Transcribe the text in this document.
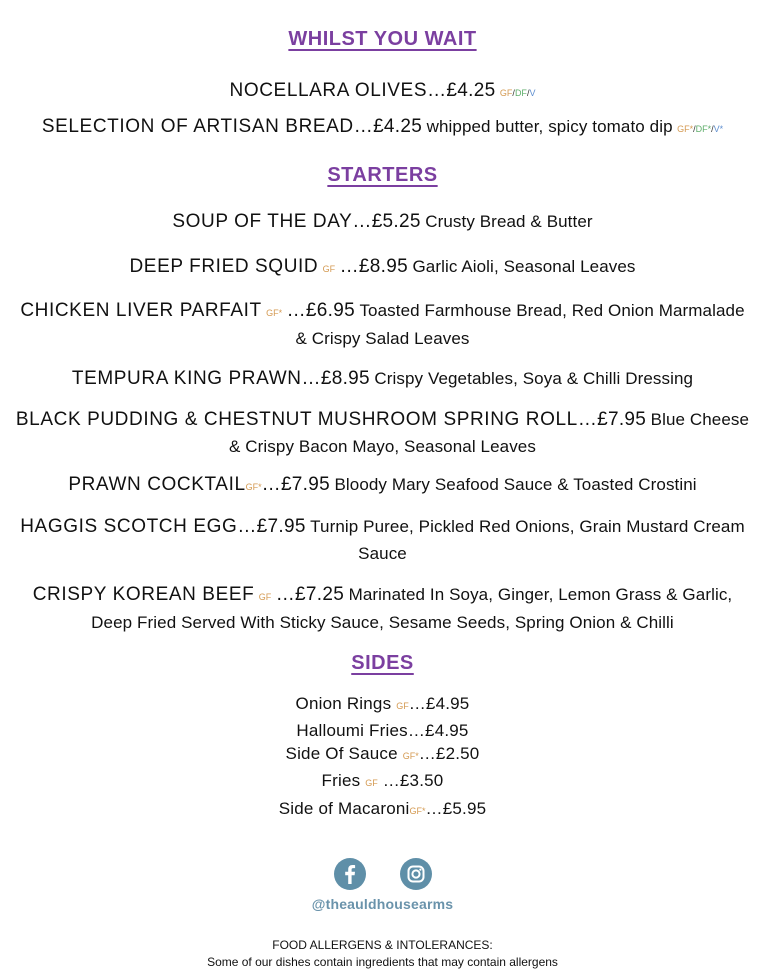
WHILST YOU WAIT

NOCELLARA OLIVES…£4.25 GF/DF/V

SELECTION OF ARTISAN BREAD…£4.25 whipped butter, spicy tomato dip GF*/DF*/V*

STARTERS

SOUP OF THE DAY…£5.25 Crusty Bread & Butter

DEEP FRIED SQUID GF …£8.95 Garlic Aioli, Seasonal Leaves

CHICKEN LIVER PARFAIT GF* …£6.95 Toasted Farmhouse Bread, Red Onion Marmalade & Crispy Salad Leaves

TEMPURA KING PRAWN…£8.95 Crispy Vegetables, Soya & Chilli Dressing

BLACK PUDDING & CHESTNUT MUSHROOM SPRING ROLL…£7.95 Blue Cheese & Crispy Bacon Mayo, Seasonal Leaves

PRAWN COCKTAILGF*…£7.95 Bloody Mary Seafood Sauce & Toasted Crostini

HAGGIS SCOTCH EGG…£7.95 Turnip Puree, Pickled Red Onions, Grain Mustard Cream Sauce

CRISPY KOREAN BEEF GF …£7.25 Marinated In Soya, Ginger, Lemon Grass & Garlic, Deep Fried Served With Sticky Sauce, Sesame Seeds, Spring Onion & Chilli

SIDES
Onion Rings GF…£4.95
Halloumi Fries…£4.95
Side Of Sauce GF*…£2.50
Fries GF …£3.50
Side of MacaroniGF*…£5.95
@theauldhousearms
FOOD ALLERGENS & INTOLERANCES:
Some of our dishes contain ingredients that may contain allergens
